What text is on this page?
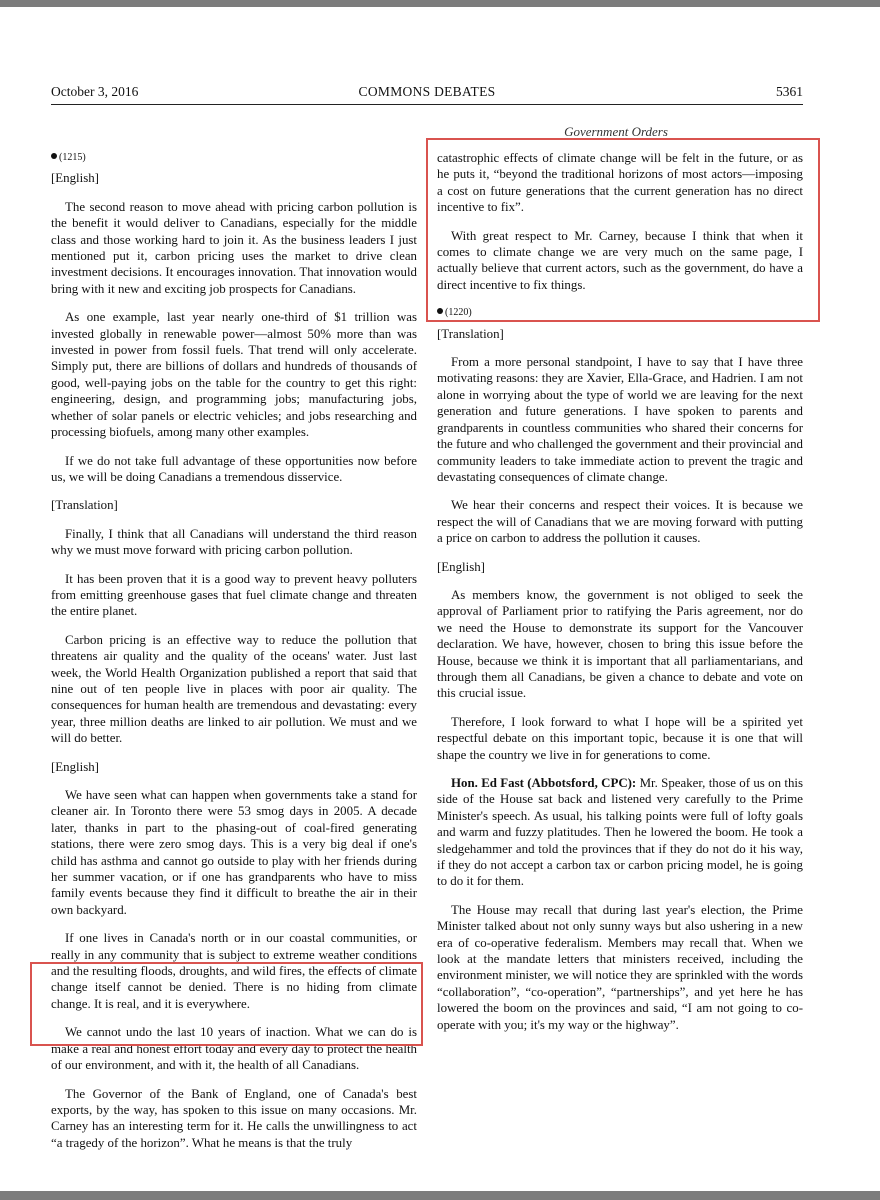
October 3, 2016	COMMONS DEBATES	5361
Government Orders

(1215)

[English]

The second reason to move ahead with pricing carbon pollution is the benefit it would deliver to Canadians, especially for the middle class and those working hard to join it. As the business leaders I just mentioned put it, carbon pricing uses the market to drive clean investment decisions. It encourages innovation. That innovation would bring with it new and exciting job prospects for Canadians.

As one example, last year nearly one-third of $1 trillion was invested globally in renewable power—almost 50% more than was invested in power from fossil fuels. That trend will only accelerate. Simply put, there are billions of dollars and hundreds of thousands of good, well-paying jobs on the table for the country to get this right: engineering, design, and programming jobs; manufacturing jobs, whether of solar panels or electric vehicles; and jobs researching and processing biofuels, among many other examples.

If we do not take full advantage of these opportunities now before us, we will be doing Canadians a tremendous disservice.

[Translation]

Finally, I think that all Canadians will understand the third reason why we must move forward with pricing carbon pollution.

It has been proven that it is a good way to prevent heavy polluters from emitting greenhouse gases that fuel climate change and threaten the entire planet.

Carbon pricing is an effective way to reduce the pollution that threatens air quality and the quality of the oceans' water. Just last week, the World Health Organization published a report that said that nine out of ten people live in places with poor air quality. The consequences for human health are tremendous and devastating: every year, three million deaths are linked to air pollution. We must and we will do better.

[English]

We have seen what can happen when governments take a stand for cleaner air. In Toronto there were 53 smog days in 2005. A decade later, thanks in part to the phasing-out of coal-fired generating stations, there were zero smog days. This is a very big deal if one's child has asthma and cannot go outside to play with her friends during her summer vacation, or if one has grandparents who have to miss family events because they find it difficult to breathe the air in their own backyard.

If one lives in Canada's north or in our coastal communities, or really in any community that is subject to extreme weather conditions and the resulting floods, droughts, and wild fires, the effects of climate change itself cannot be denied. There is no hiding from climate change. It is real, and it is everywhere.

We cannot undo the last 10 years of inaction. What we can do is make a real and honest effort today and every day to protect the health of our environment, and with it, the health of all Canadians.

The Governor of the Bank of England, one of Canada's best exports, by the way, has spoken to this issue on many occasions. Mr. Carney has an interesting term for it. He calls the unwillingness to act “a tragedy of the horizon”. What he means is that the truly

catastrophic effects of climate change will be felt in the future, or as he puts it, “beyond the traditional horizons of most actors—imposing a cost on future generations that the current generation has no direct incentive to fix”.

With great respect to Mr. Carney, because I think that when it comes to climate change we are very much on the same page, I actually believe that current actors, such as the government, do have a direct incentive to fix things.

(1220)

[Translation]

From a more personal standpoint, I have to say that I have three motivating reasons: they are Xavier, Ella-Grace, and Hadrien. I am not alone in worrying about the type of world we are leaving for the next generation and future generations. I have spoken to parents and grandparents in countless communities who shared their concerns for the future and who challenged the government and their provincial and community leaders to take immediate action to prevent the tragic and devastating consequences of climate change.

We hear their concerns and respect their voices. It is because we respect the will of Canadians that we are moving forward with putting a price on carbon to address the pollution it causes.

[English]

As members know, the government is not obliged to seek the approval of Parliament prior to ratifying the Paris agreement, nor do we need the House to demonstrate its support for the Vancouver declaration. We have, however, chosen to bring this issue before the House, because we think it is important that all parliamentarians, and through them all Canadians, be given a chance to debate and vote on this crucial issue.

Therefore, I look forward to what I hope will be a spirited yet respectful debate on this important topic, because it is one that will shape the country we live in for generations to come.

Hon. Ed Fast (Abbotsford, CPC): Mr. Speaker, those of us on this side of the House sat back and listened very carefully to the Prime Minister's speech. As usual, his talking points were full of lofty goals and warm and fuzzy platitudes. Then he lowered the boom. He took a sledgehammer and told the provinces that if they do not do it his way, if they do not accept a carbon tax or carbon pricing model, he is going to do it for them.

The House may recall that during last year's election, the Prime Minister talked about not only sunny ways but also ushering in a new era of co-operative federalism. Members may recall that. When we look at the mandate letters that ministers received, including the environment minister, we will notice they are sprinkled with the words “collaboration”, “co-operation”, “partnerships”, and yet here he has lowered the boom on the provinces and said, “I am not going to co-operate with you; it's my way or the highway”.
